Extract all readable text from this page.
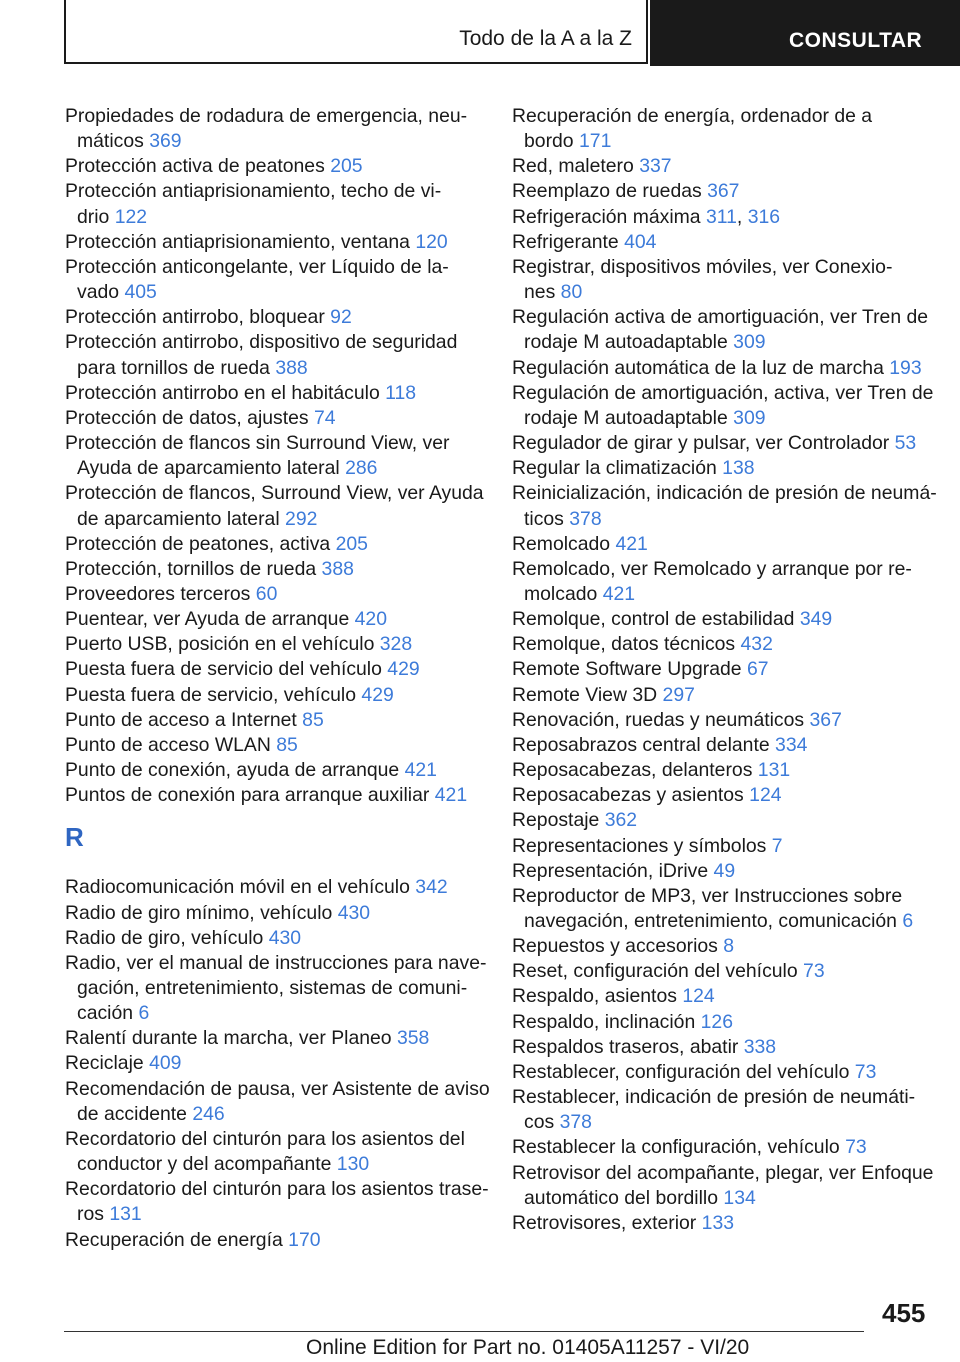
Todo de la A a la Z	CONSULTAR
Propiedades de rodadura de emergencia, neu-
máticos 369
Protección activa de peatones 205
Protección antiaprisionamiento, techo de vi-
drio 122
Protección antiaprisionamiento, ventana 120
Protección anticongelante, ver Líquido de la-
vado 405
Protección antirrobo, bloquear 92
Protección antirrobo, dispositivo de seguridad
para tornillos de rueda 388
Protección antirrobo en el habitáculo 118
Protección de datos, ajustes 74
Protección de flancos sin Surround View, ver
Ayuda de aparcamiento lateral 286
Protección de flancos, Surround View, ver Ayuda
de aparcamiento lateral 292
Protección de peatones, activa 205
Protección, tornillos de rueda 388
Proveedores terceros 60
Puentear, ver Ayuda de arranque 420
Puerto USB, posición en el vehículo 328
Puesta fuera de servicio del vehículo 429
Puesta fuera de servicio, vehículo 429
Punto de acceso a Internet 85
Punto de acceso WLAN 85
Punto de conexión, ayuda de arranque 421
Puntos de conexión para arranque auxiliar 421
R
Radiocomunicación móvil en el vehículo 342
Radio de giro mínimo, vehículo 430
Radio de giro, vehículo 430
Radio, ver el manual de instrucciones para nave-
gación, entretenimiento, sistemas de comuni-
cación 6
Ralentí durante la marcha, ver Planeo 358
Reciclaje 409
Recomendación de pausa, ver Asistente de aviso
de accidente 246
Recordatorio del cinturón para los asientos del
conductor y del acompañante 130
Recordatorio del cinturón para los asientos trase-
ros 131
Recuperación de energía 170
Recuperación de energía, ordenador de a
bordo 171
Red, maletero 337
Reemplazo de ruedas 367
Refrigeración máxima 311, 316
Refrigerante 404
Registrar, dispositivos móviles, ver Conexio-
nes 80
Regulación activa de amortiguación, ver Tren de
rodaje M autoadaptable 309
Regulación automática de la luz de marcha 193
Regulación de amortiguación, activa, ver Tren de
rodaje M autoadaptable 309
Regulador de girar y pulsar, ver Controlador 53
Regular la climatización 138
Reinicialización, indicación de presión de neumá-
ticos 378
Remolcado 421
Remolcado, ver Remolcado y arranque por re-
molcado 421
Remolque, control de estabilidad 349
Remolque, datos técnicos 432
Remote Software Upgrade 67
Remote View 3D 297
Renovación, ruedas y neumáticos 367
Reposabrazos central delante 334
Reposacabezas, delanteros 131
Reposacabezas y asientos 124
Repostaje 362
Representaciones y símbolos 7
Representación, iDrive 49
Reproductor de MP3, ver Instrucciones sobre
navegación, entretenimiento, comunicación 6
Repuestos y accesorios 8
Reset, configuración del vehículo 73
Respaldo, asientos 124
Respaldo, inclinación 126
Respaldos traseros, abatir 338
Restablecer, configuración del vehículo 73
Restablecer, indicación de presión de neumáti-
cos 378
Restablecer la configuración, vehículo 73
Retrovisor del acompañante, plegar, ver Enfoque
automático del bordillo 134
Retrovisores, exterior 133
455
Online Edition for Part no. 01405A11257 - VI/20
